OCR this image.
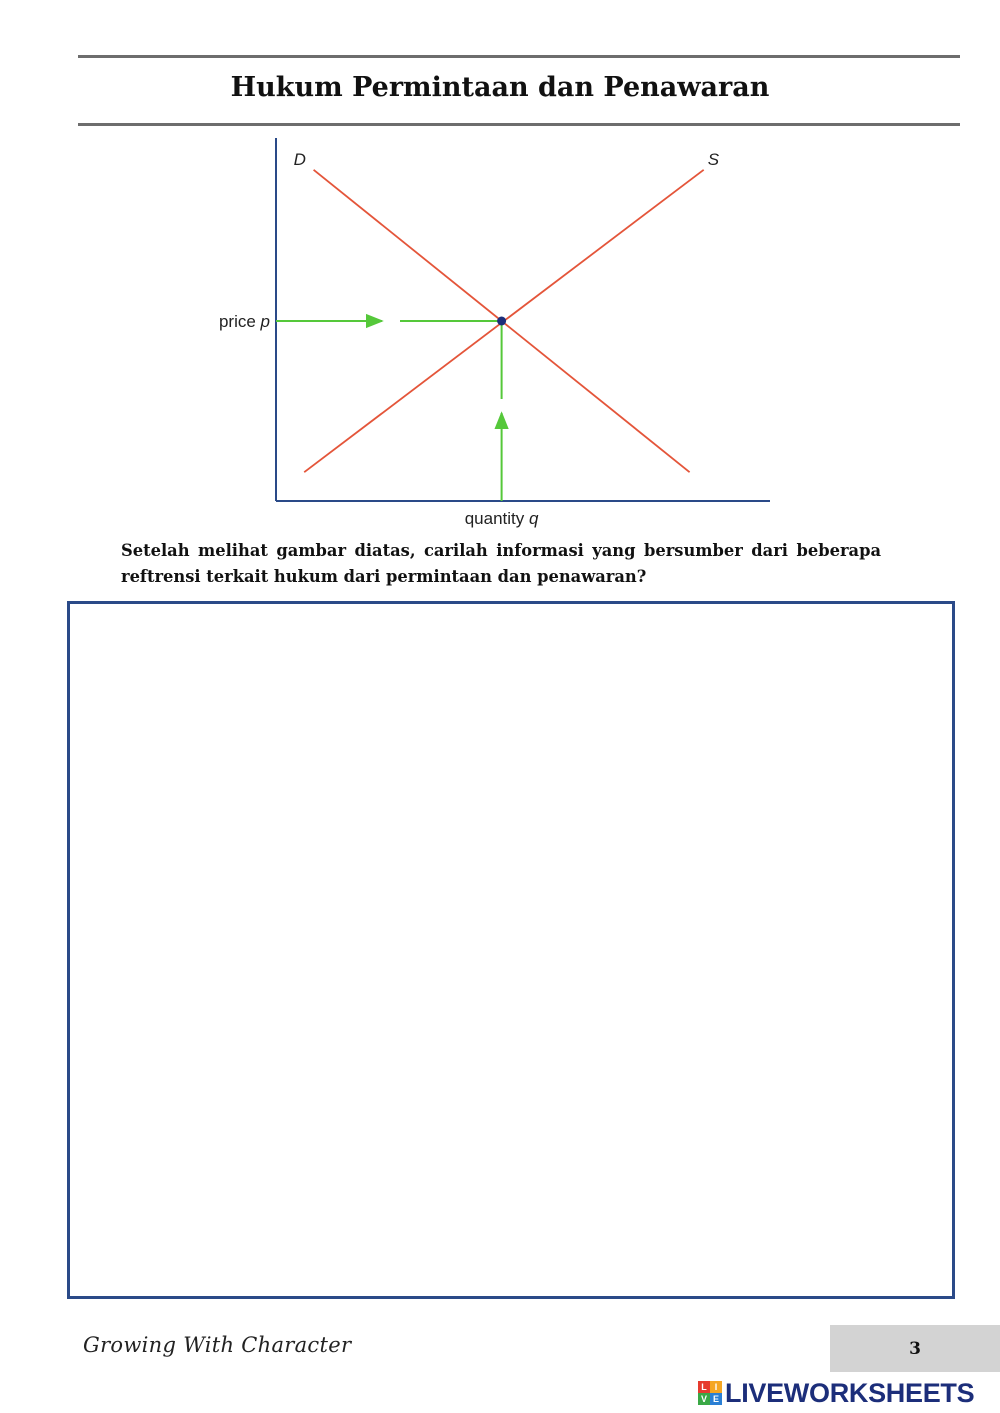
Hukum Permintaan dan Penawaran
D	S
price p
quantity q
Setelah melihat gambar diatas, carilah informasi yang bersumber dari beberapa reftrensi terkait hukum dari permintaan dan penawaran?
Growing With Character	3
L I
V E LIVEWORKSHEETS
